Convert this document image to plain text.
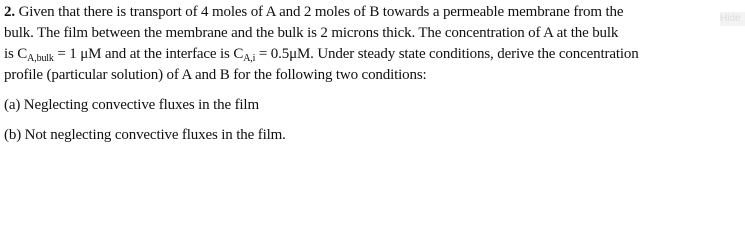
2. Given that there is transport of 4 moles of A and 2 moles of B towards a permeable membrane from the
bulk. The film between the membrane and the bulk is 2 microns thick. The concentration of A at the bulk
is $C_{A,bulk} = 1$ μM and at the interface is $C_{A,i} = 0.5\mu M$. Under steady state conditions, derive the concentration
profile (particular solution) of A and B for the following two conditions:

(a) Neglecting convective fluxes in the film

(b) Not neglecting convective fluxes in the film.

Hide
